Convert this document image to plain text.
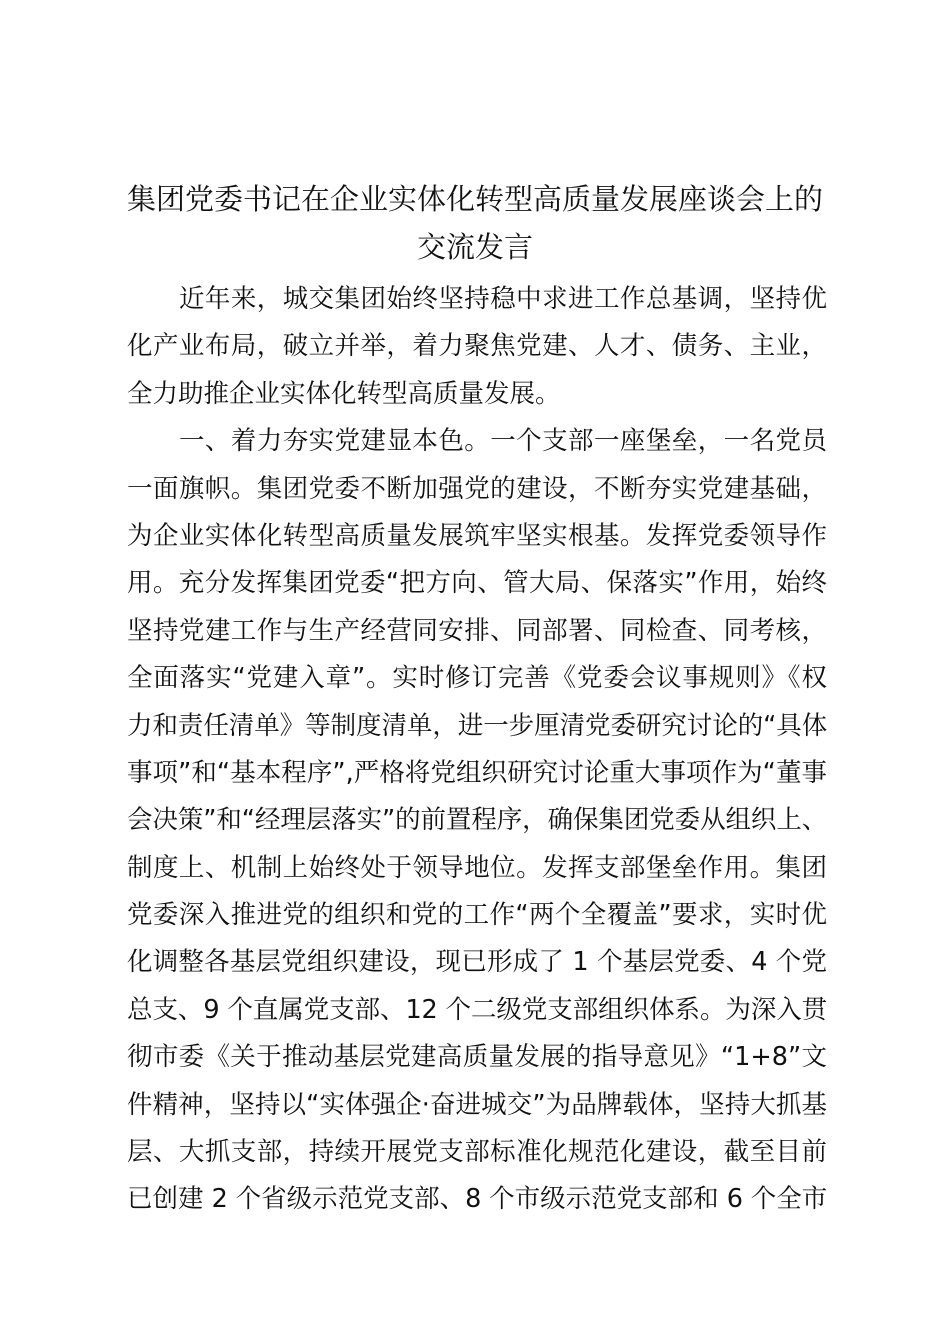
集团党委书记在企业实体化转型高质量发展座谈会上的
交流发言
近年来，城交集团始终坚持稳中求进工作总基调，坚持优
化产业布局，破立并举，着力聚焦党建、人才、债务、主业，
全力助推企业实体化转型高质量发展。
一、着力夯实党建显本色。一个支部一座堡垒，一名党员
一面旗帜。集团党委不断加强党的建设，不断夯实党建基础，
为企业实体化转型高质量发展筑牢坚实根基。发挥党委领导作
用。充分发挥集团党委“把方向、管大局、保落实”作用，始终
坚持党建工作与生产经营同安排、同部署、同检查、同考核，
全面落实“党建入章”。实时修订完善《党委会议事规则》《权
力和责任清单》等制度清单，进一步厘清党委研究讨论的“具体
事项”和“基本程序”,严格将党组织研究讨论重大事项作为“董事
会决策”和“经理层落实”的前置程序，确保集团党委从组织上、
制度上、机制上始终处于领导地位。发挥支部堡垒作用。集团
党委深入推进党的组织和党的工作“两个全覆盖”要求，实时优
化调整各基层党组织建设，现已形成了 1 个基层党委、4 个党
总支、9 个直属党支部、12 个二级党支部组织体系。为深入贯
彻市委《关于推动基层党建高质量发展的指导意见》“1+8”文
件精神，坚持以“实体强企·奋进城交”为品牌载体，坚持大抓基
层、大抓支部，持续开展党支部标准化规范化建设，截至目前
已创建 2 个省级示范党支部、8 个市级示范党支部和 6 个全市
